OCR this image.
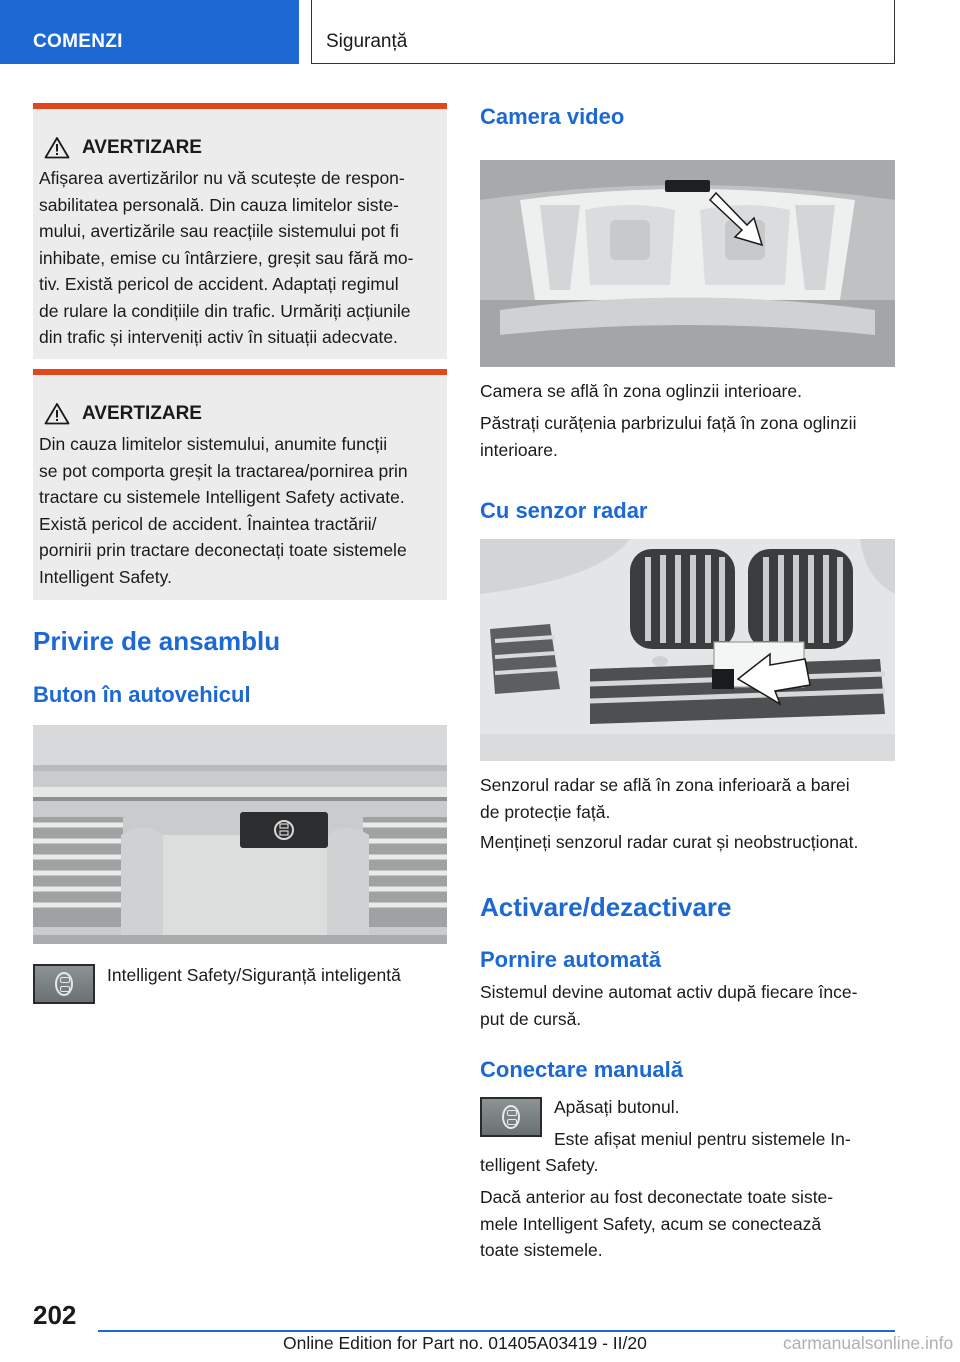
COMENZI	Siguranță
AVERTIZARE
Afișarea avertizărilor nu vă scutește de respon-
sabilitatea personală. Din cauza limitelor siste-
mului, avertizările sau reacțiile sistemului pot fi
inhibate, emise cu întârziere, greșit sau fără mo-
tiv. Există pericol de accident. Adaptați regimul
de rulare la condițiile din trafic. Urmăriți acțiunile
din trafic și interveniți activ în situații adecvate.
AVERTIZARE
Din cauza limitelor sistemului, anumite funcții
se pot comporta greșit la tractarea/pornirea prin
tractare cu sistemele Intelligent Safety activate.
Există pericol de accident. Înaintea tractării/
pornirii prin tractare deconectați toate sistemele
Intelligent Safety.
Privire de ansamblu
Buton în autovehicul
Intelligent Safety/Siguranță inteligentă
Camera video
Camera se află în zona oglinzii interioare.
Păstrați curățenia parbrizului față în zona oglinzii
interioare.
Cu senzor radar
Senzorul radar se află în zona inferioară a barei
de protecție față.
Mențineți senzorul radar curat și neobstrucționat.
Activare/dezactivare
Pornire automată
Sistemul devine automat activ după fiecare înce-
put de cursă.
Conectare manuală
Apăsați butonul.
Este afișat meniul pentru sistemele In-
telligent Safety.
Dacă anterior au fost deconectate toate siste-
mele Intelligent Safety, acum se conectează
toate sistemele.
202
Online Edition for Part no. 01405A03419 - II/20	carmanualsonline.info
